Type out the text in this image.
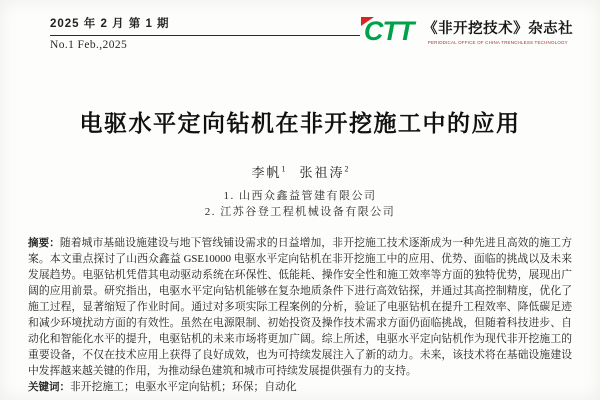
2025 年 2 月 第 1 期
No.1 Feb.,2025	CTT 《非开挖技术》杂志社
PERIODICAL OFFICE OF CHINA TRENCHLESS TECHNOLOGY
电驱水平定向钻机在非开挖施工中的应用
李帆$^1$ 张祖涛$^2$
1. 山西众鑫益管建有限公司
2. 江苏谷登工程机械设备有限公司

摘要：随着城市基础设施建设与地下管线铺设需求的日益增加，非开挖施工技术逐渐成为一种先进且高效的施工方案。本文重点探讨了山西众鑫益 GSE10000 电驱水平定向钻机在非开挖施工中的应用、优势、面临的挑战以及未来发展趋势。电驱钻机凭借其电动驱动系统在环保性、低能耗、操作安全性和施工效率等方面的独特优势，展现出广阔的应用前景。研究指出，电驱水平定向钻机能够在复杂地质条件下进行高效钻探，并通过其高控制精度，优化了施工过程，显著缩短了作业时间。通过对多项实际工程案例的分析，验证了电驱钻机在提升工程效率、降低碳足迹和减少环境扰动方面的有效性。虽然在电源限制、初始投资及操作技术需求方面仍面临挑战，但随着科技进步、自动化和智能化水平的提升，电驱钻机的未来市场将更加广阔。综上所述，电驱水平定向钻机作为现代非开挖施工的重要设备，不仅在技术应用上获得了良好成效，也为可持续发展注入了新的动力。未来，该技术将在基础设施建设中发挥越来越关键的作用，为推动绿色建筑和城市可持续发展提供强有力的支持。

关键词：非开挖施工；电驱水平定向钻机；环保；自动化
